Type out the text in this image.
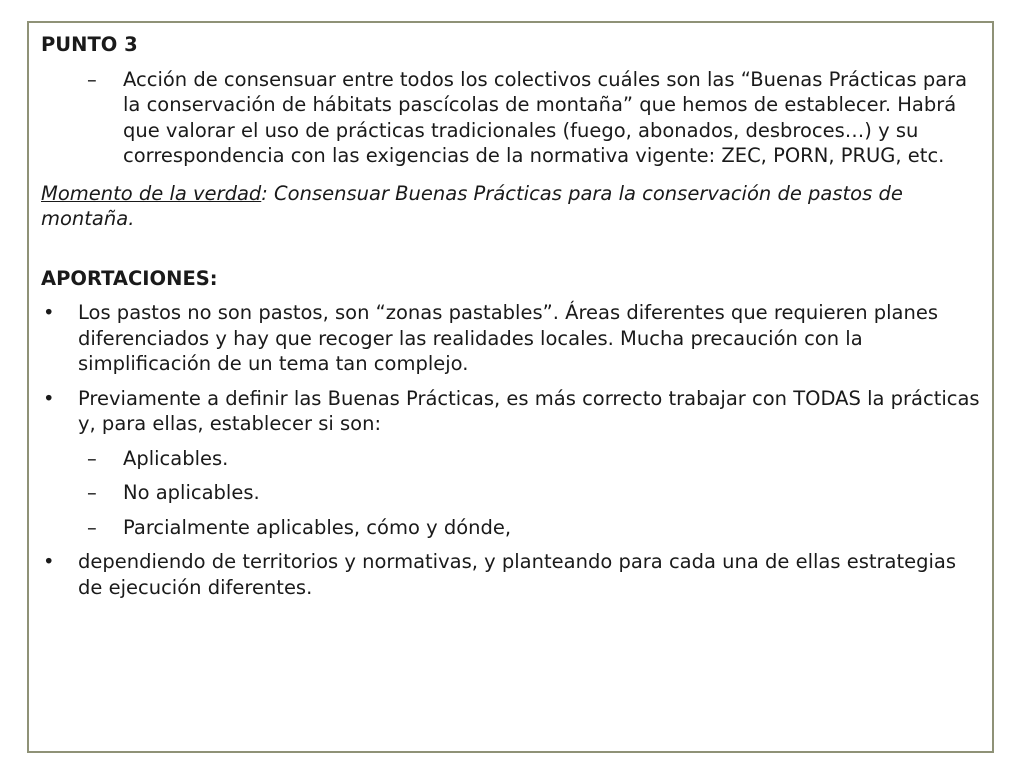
PUNTO 3

– Acción de consensuar entre todos los colectivos cuáles son las “Buenas Prácticas para la conservación de hábitats pascícolas de montaña” que hemos de establecer. Habrá que valorar el uso de prácticas tradicionales (fuego, abonados, desbroces…) y su correspondencia con las exigencias de la normativa vigente: ZEC, PORN, PRUG, etc.
Momento de la verdad: Consensuar Buenas Prácticas para la conservación de pastos de montaña.

APORTACIONES:

• Los pastos no son pastos, son “zonas pastables”. Áreas diferentes que requieren planes diferenciados y hay que recoger las realidades locales. Mucha precaución con la simplificación de un tema tan complejo.
• Previamente a definir las Buenas Prácticas, es más correcto trabajar con TODAS la prácticas y, para ellas, establecer si son:
– Aplicables.
– No aplicables.
– Parcialmente aplicables, cómo y dónde,
• dependiendo de territorios y normativas, y planteando para cada una de ellas estrategias de ejecución diferentes.
